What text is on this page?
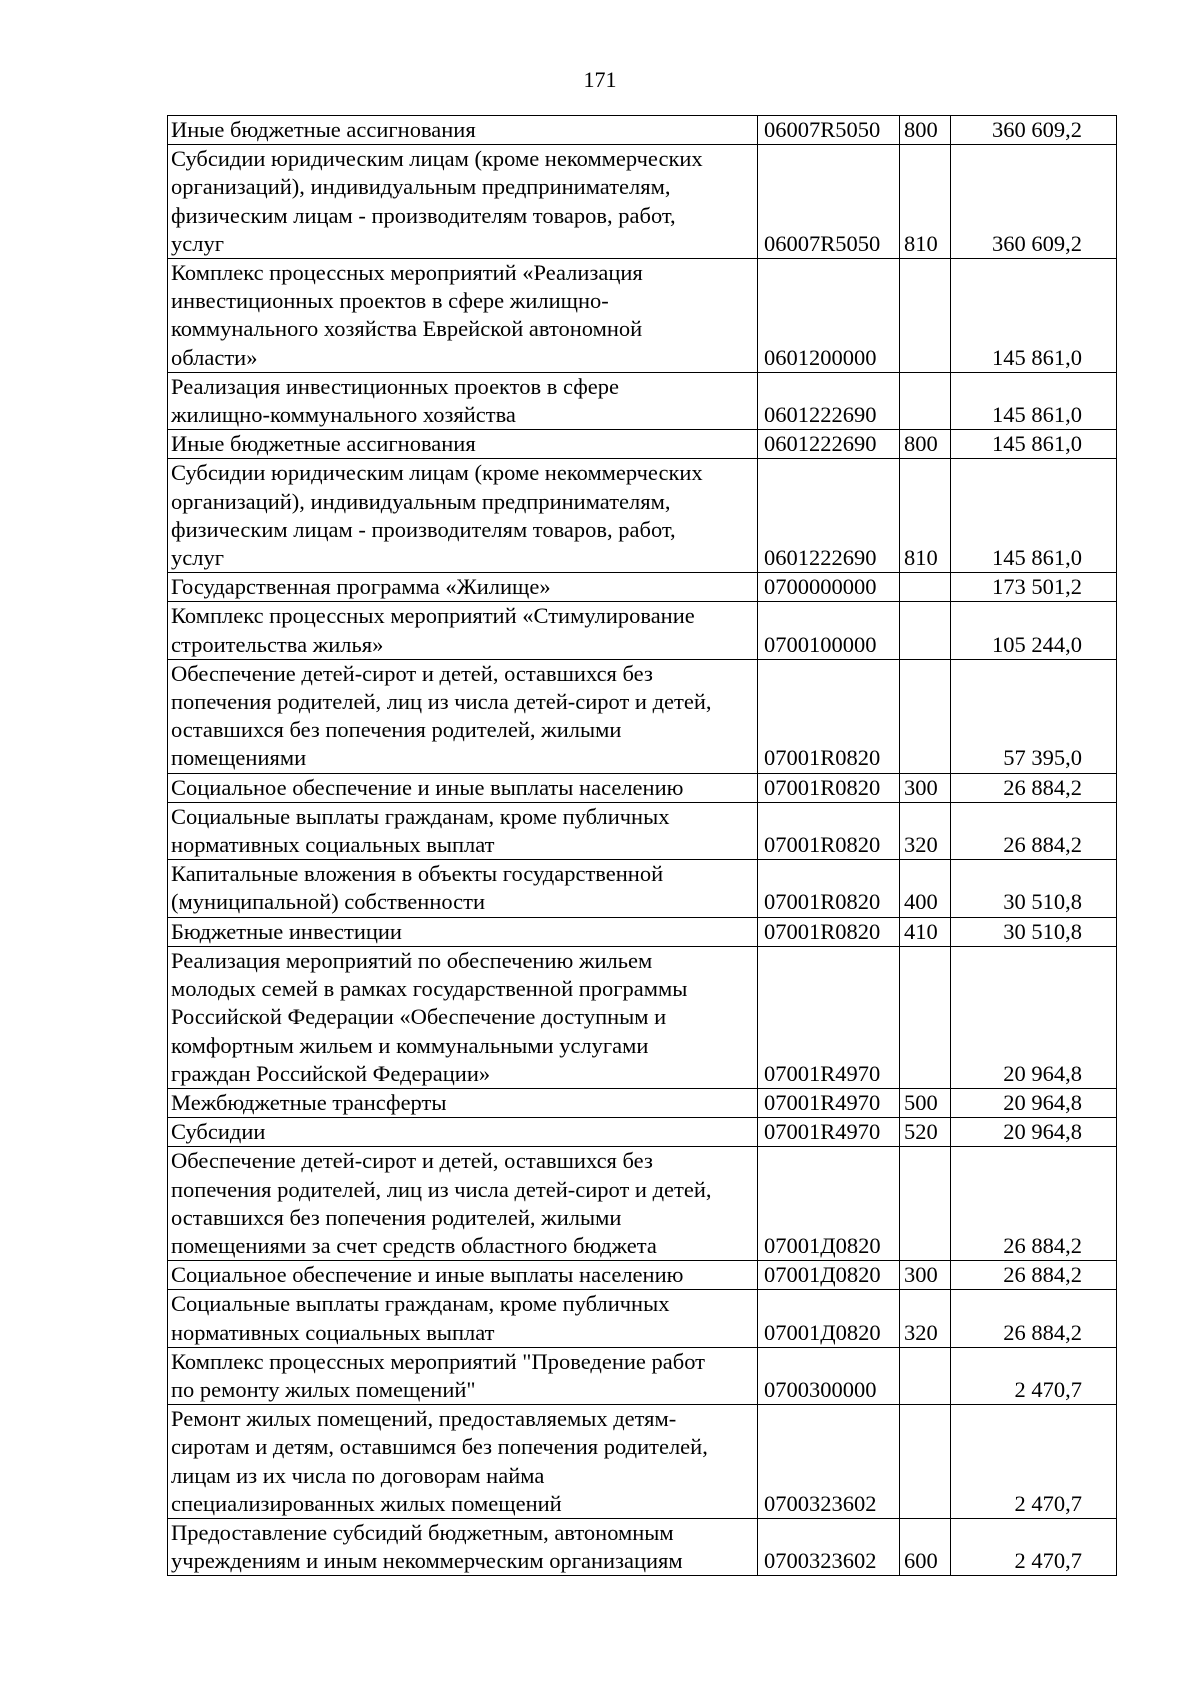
171
Иные бюджетные ассигнования	06007R5050	800	360 609,2
Субсидии юридическим лицам (кроме некоммерческих
организаций), индивидуальным предпринимателям,
физическим лицам - производителям товаров, работ,
услуг	06007R5050	810	360 609,2
Комплекс процессных мероприятий «Реализация
инвестиционных проектов в сфере жилищно-
коммунального хозяйства Еврейской автономной
области»	0601200000		145 861,0
Реализация инвестиционных проектов в сфере
жилищно-коммунального хозяйства	0601222690		145 861,0
Иные бюджетные ассигнования	0601222690	800	145 861,0
Субсидии юридическим лицам (кроме некоммерческих
организаций), индивидуальным предпринимателям,
физическим лицам - производителям товаров, работ,
услуг	0601222690	810	145 861,0
Государственная программа «Жилище»	0700000000		173 501,2
Комплекс процессных мероприятий «Стимулирование
строительства жилья»	0700100000		105 244,0
Обеспечение детей-сирот и детей, оставшихся без
попечения родителей, лиц из числа детей-сирот и детей,
оставшихся без попечения родителей, жилыми
помещениями	07001R0820		57 395,0
Социальное обеспечение и иные выплаты населению	07001R0820	300	26 884,2
Социальные выплаты гражданам, кроме публичных
нормативных социальных выплат	07001R0820	320	26 884,2
Капитальные вложения в объекты государственной
(муниципальной) собственности	07001R0820	400	30 510,8
Бюджетные инвестиции	07001R0820	410	30 510,8
Реализация мероприятий по обеспечению жильем
молодых семей в рамках государственной программы
Российской Федерации «Обеспечение доступным и
комфортным жильем и коммунальными услугами
граждан Российской Федерации»	07001R4970		20 964,8
Межбюджетные трансферты	07001R4970	500	20 964,8
Субсидии	07001R4970	520	20 964,8
Обеспечение детей-сирот и детей, оставшихся без
попечения родителей, лиц из числа детей-сирот и детей,
оставшихся без попечения родителей, жилыми
помещениями за счет средств областного бюджета	07001Д0820		26 884,2
Социальное обеспечение и иные выплаты населению	07001Д0820	300	26 884,2
Социальные выплаты гражданам, кроме публичных
нормативных социальных выплат	07001Д0820	320	26 884,2
Комплекс процессных мероприятий "Проведение работ
по ремонту жилых помещений"	0700300000		2 470,7
Ремонт жилых помещений, предоставляемых детям-
сиротам и детям, оставшимся без попечения родителей,
лицам из их числа по договорам найма
специализированных жилых помещений	0700323602		2 470,7
Предоставление субсидий бюджетным, автономным
учреждениям и иным некоммерческим организациям	0700323602	600	2 470,7
